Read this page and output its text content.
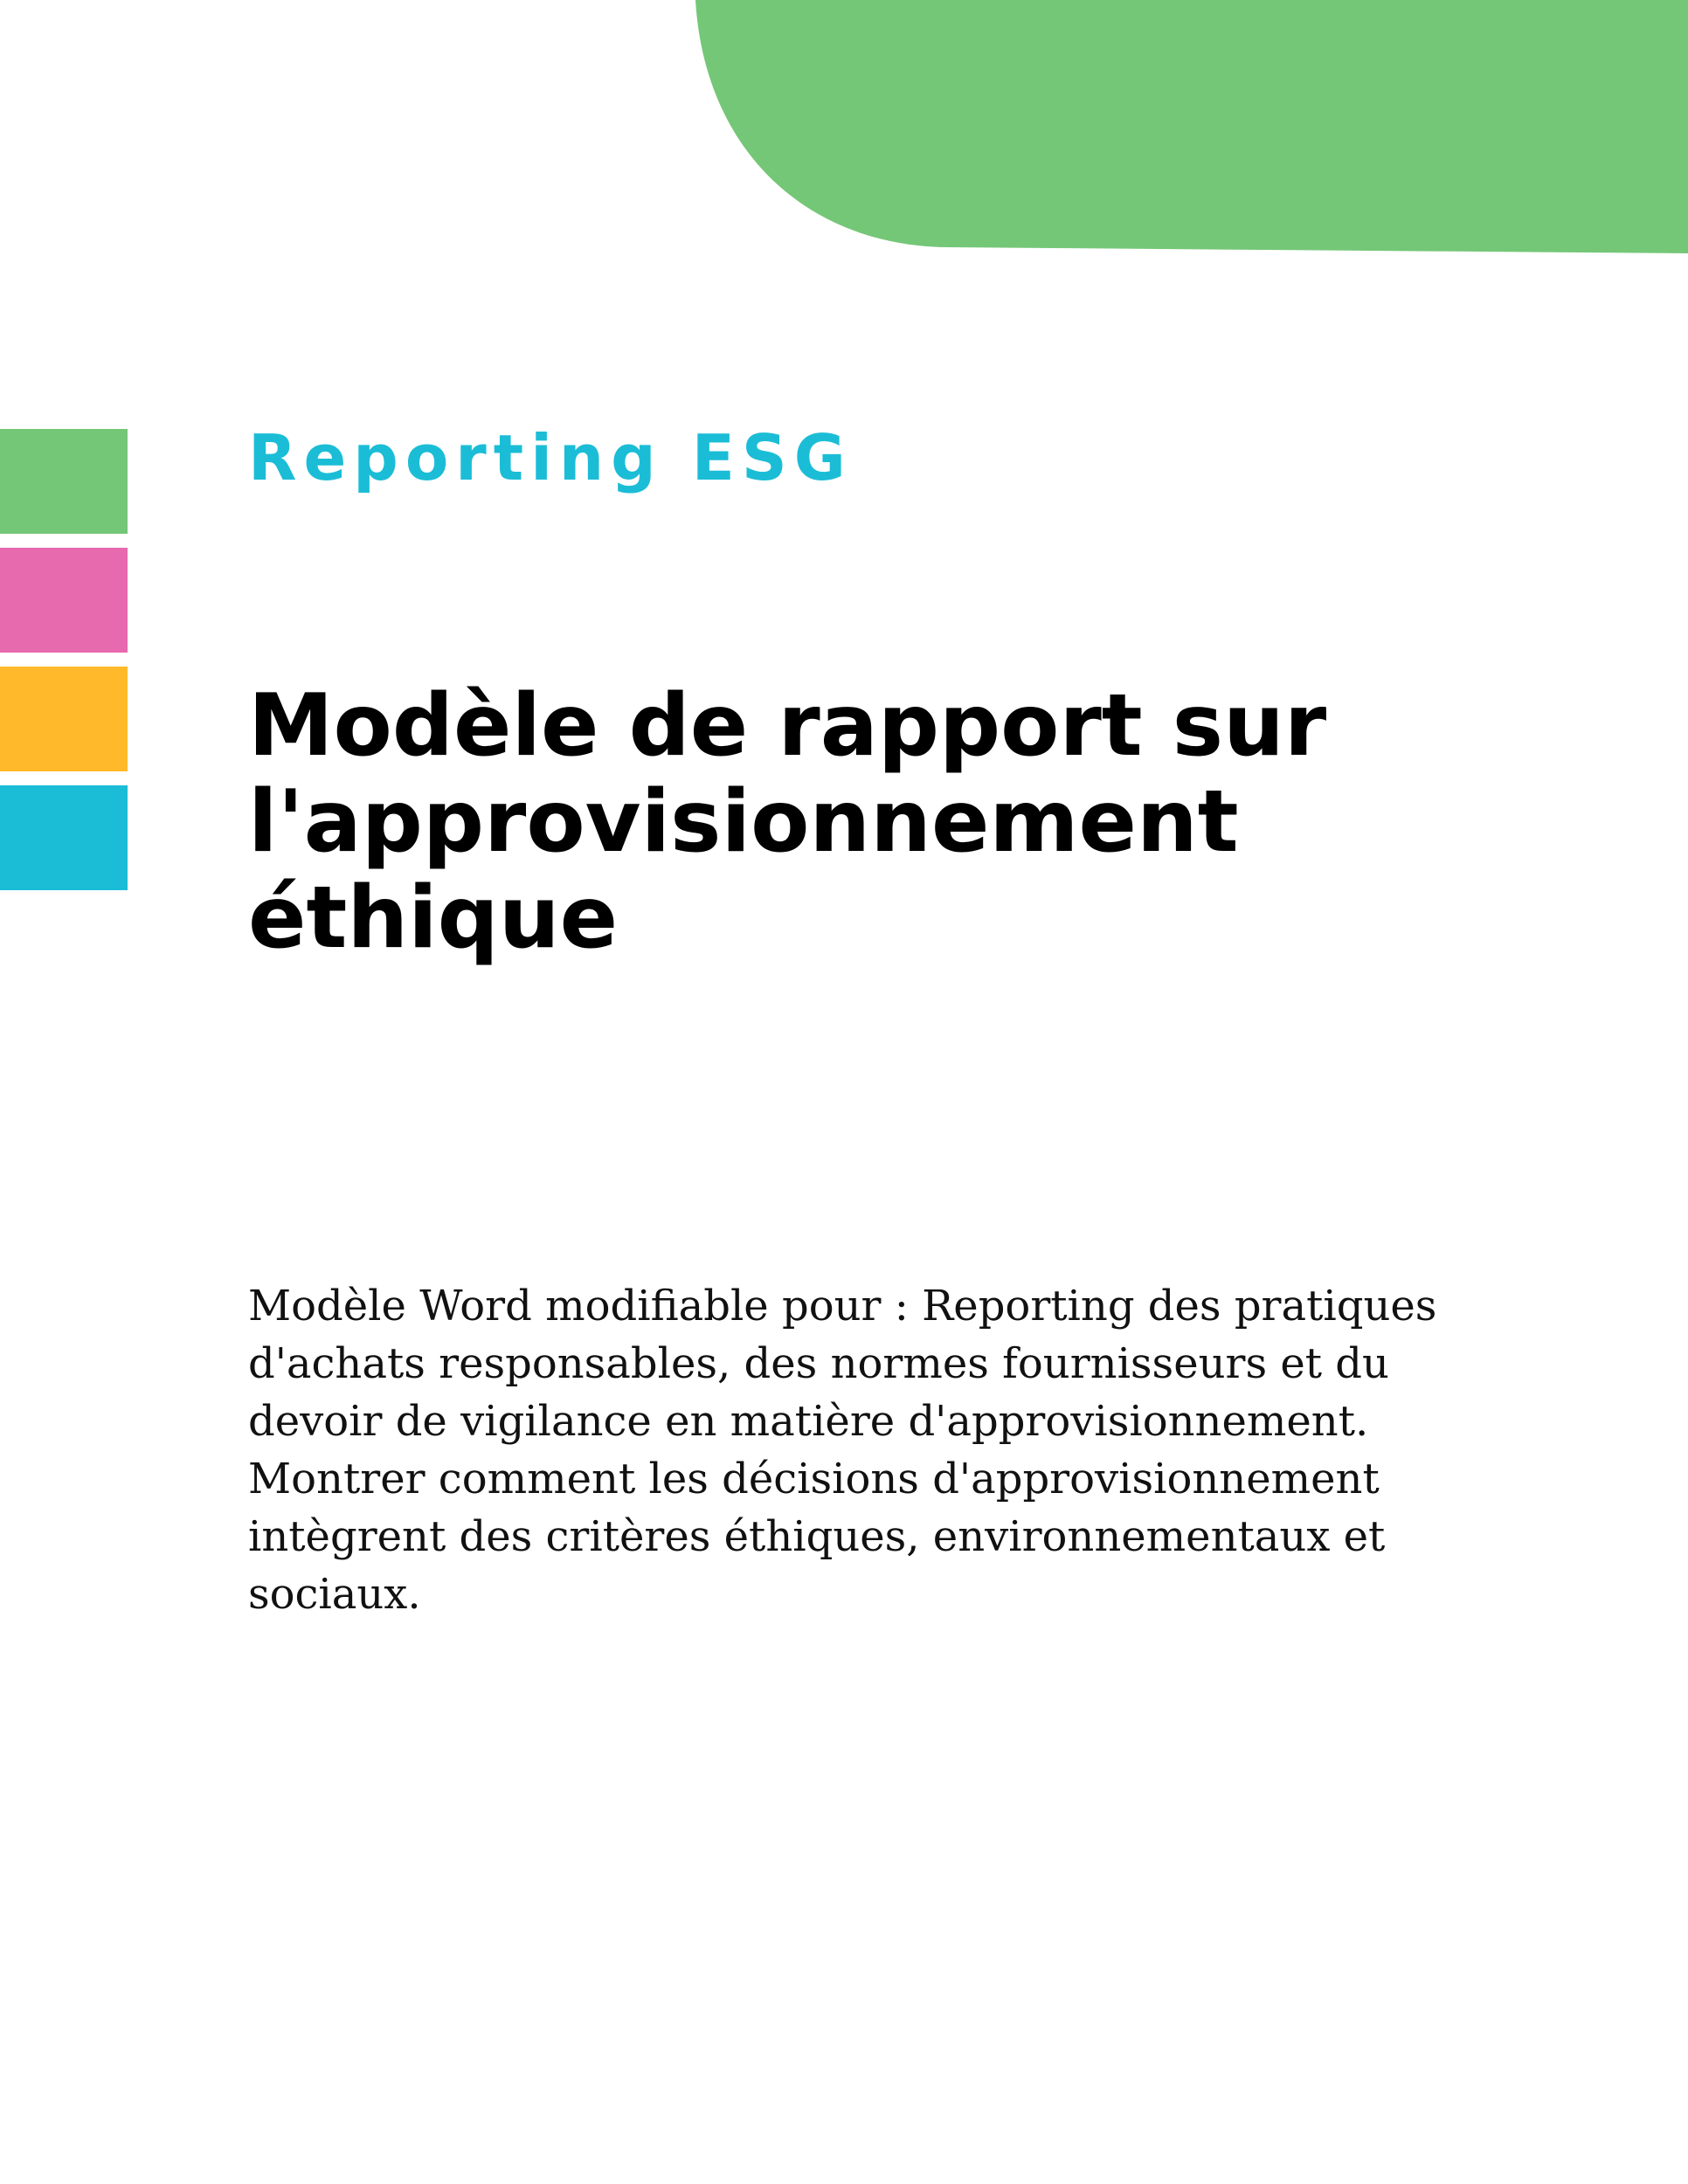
Reporting ESG

Modèle de rapport sur
l'approvisionnement
éthique

Modèle Word modifiable pour : Reporting des pratiques
d'achats responsables, des normes fournisseurs et du
devoir de vigilance en matière d'approvisionnement.
Montrer comment les décisions d'approvisionnement
intègrent des critères éthiques, environnementaux et
sociaux.
